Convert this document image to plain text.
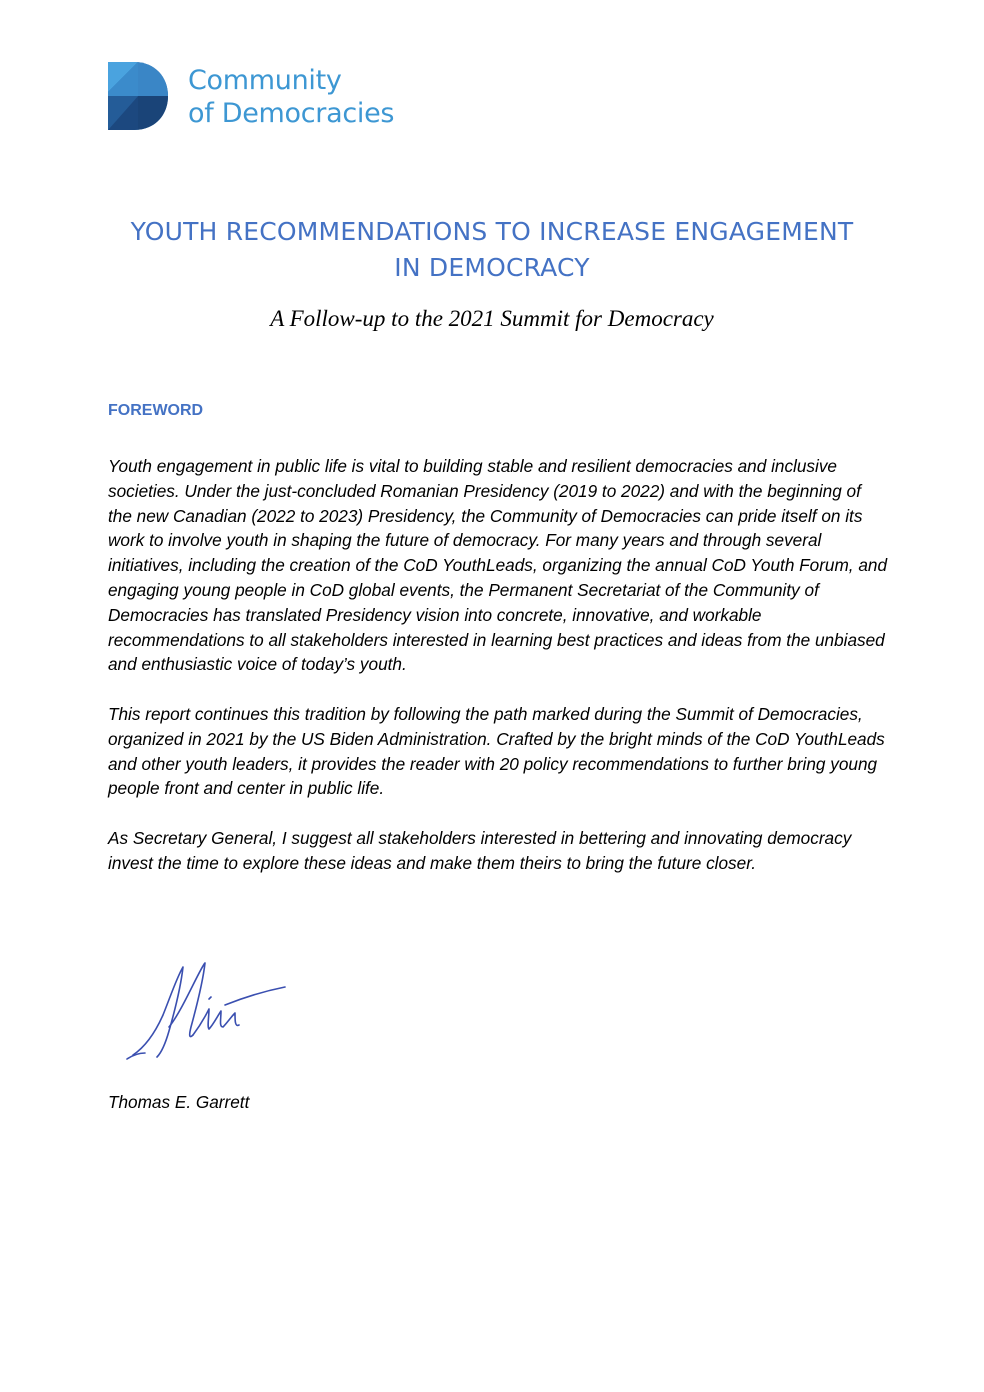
Community
of Democracies
YOUTH RECOMMENDATIONS TO INCREASE ENGAGEMENT
IN DEMOCRACY
A Follow-up to the 2021 Summit for Democracy
FOREWORD

Youth engagement in public life is vital to building stable and resilient democracies and inclusive societies. Under the just-concluded Romanian Presidency (2019 to 2022) and with the beginning of the new Canadian (2022 to 2023) Presidency, the Community of Democracies can pride itself on its work to involve youth in shaping the future of democracy. For many years and through several initiatives, including the creation of the CoD YouthLeads, organizing the annual CoD Youth Forum, and engaging young people in CoD global events, the Permanent Secretariat of the Community of Democracies has translated Presidency vision into concrete, innovative, and workable recommendations to all stakeholders interested in learning best practices and ideas from the unbiased and enthusiastic voice of today’s youth.

This report continues this tradition by following the path marked during the Summit of Democracies, organized in 2021 by the US Biden Administration. Crafted by the bright minds of the CoD YouthLeads and other youth leaders, it provides the reader with 20 policy recommendations to further bring young people front and center in public life.

As Secretary General, I suggest all stakeholders interested in bettering and innovating democracy invest the time to explore these ideas and make them theirs to bring the future closer.

Thomas E. Garrett
